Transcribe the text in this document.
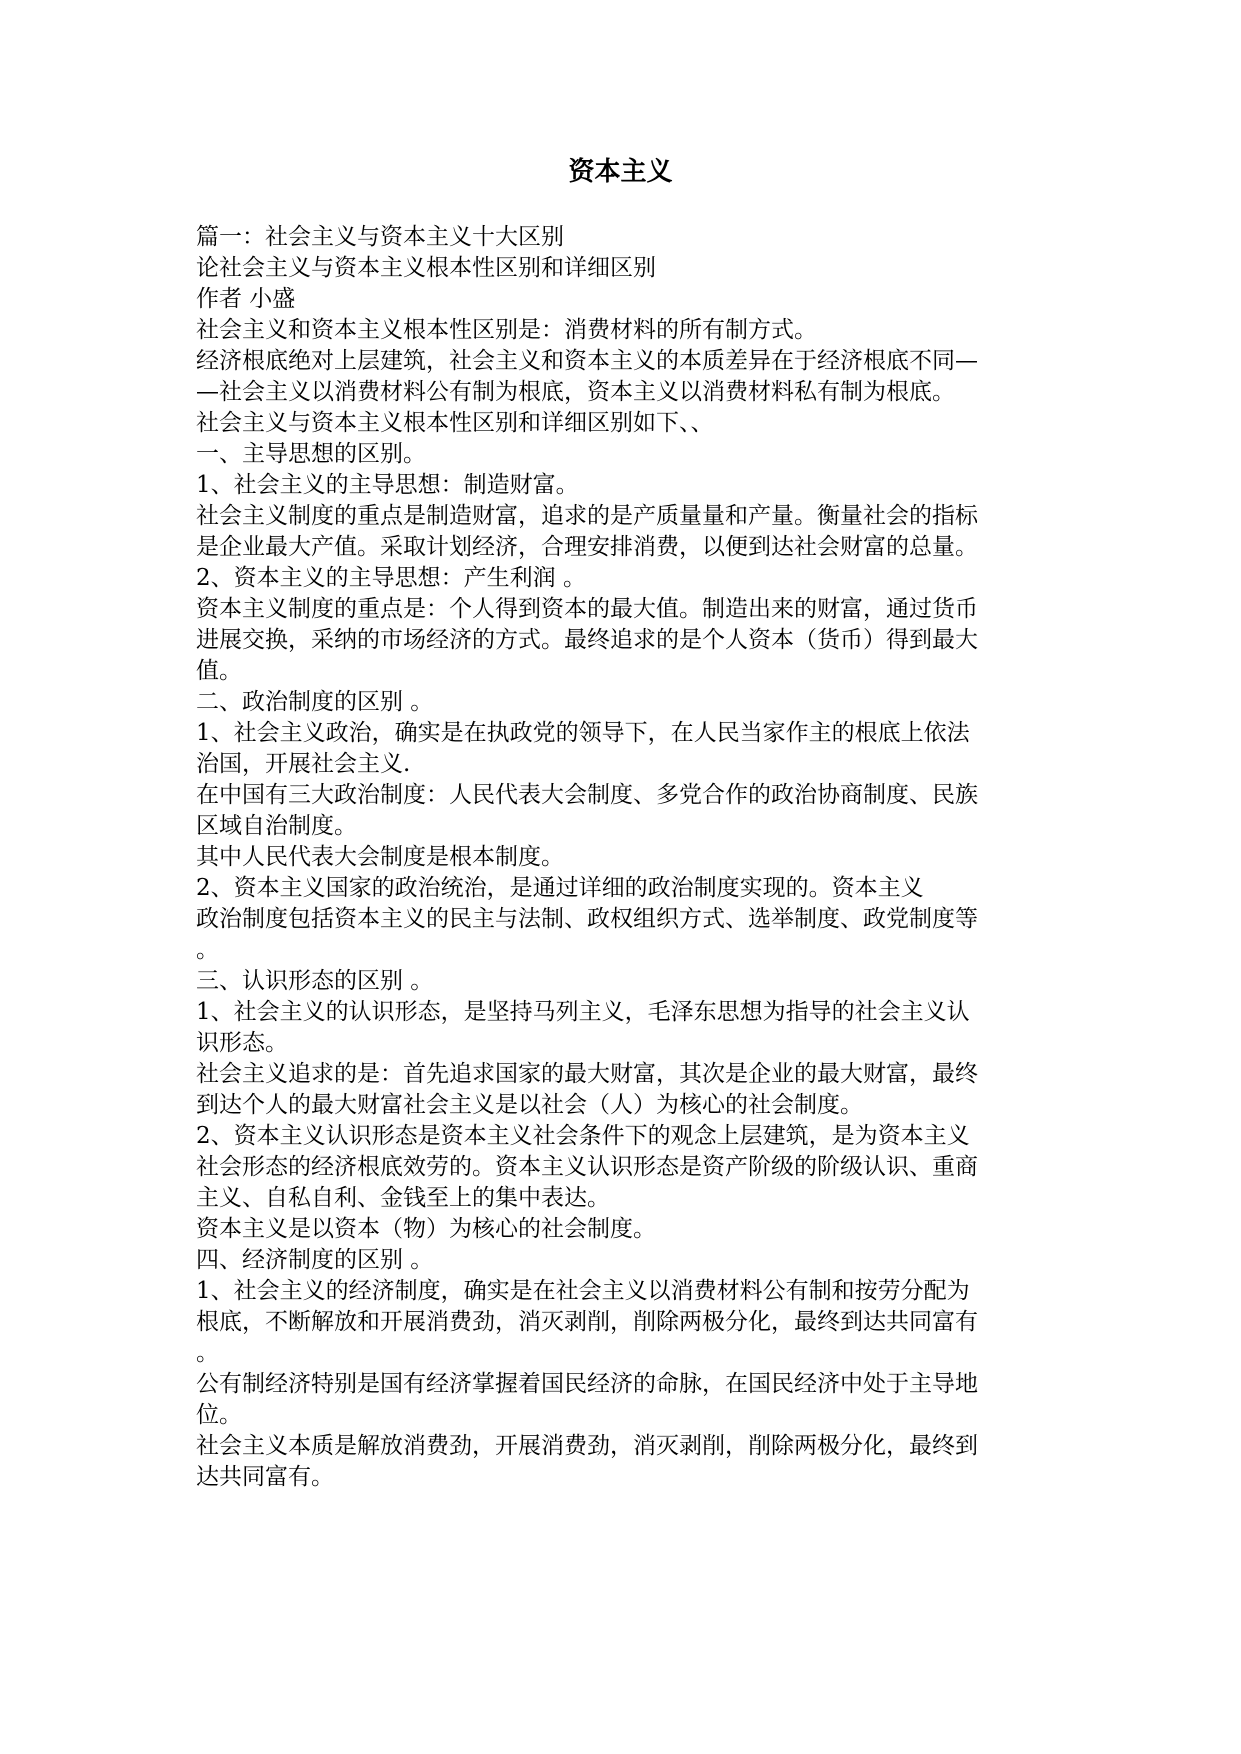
资本主义

篇一：社会主义与资本主义十大区别

论社会主义与资本主义根本性区别和详细区别

作者 小盛

社会主义和资本主义根本性区别是：消费材料的所有制方式。

经济根底绝对上层建筑，社会主义和资本主义的本质差异在于经济根底不同—

—社会主义以消费材料公有制为根底，资本主义以消费材料私有制为根底。

社会主义与资本主义根本性区别和详细区别如下、、

一、主导思想的区别。

1、社会主义的主导思想：制造财富。

社会主义制度的重点是制造财富，追求的是产质量量和产量。衡量社会的指标

是企业最大产值。采取计划经济，合理安排消费，以便到达社会财富的总量。

2、资本主义的主导思想：产生利润 。

资本主义制度的重点是：个人得到资本的最大值。制造出来的财富，通过货币

进展交换，采纳的市场经济的方式。最终追求的是个人资本（货币）得到最大

值。

二、政治制度的区别 。

1、社会主义政治，确实是在执政党的领导下，在人民当家作主的根底上依法

治国，开展社会主义.

在中国有三大政治制度：人民代表大会制度、多党合作的政治协商制度、民族

区域自治制度。

其中人民代表大会制度是根本制度。

2、资本主义国家的政治统治，是通过详细的政治制度实现的。资本主义

政治制度包括资本主义的民主与法制、政权组织方式、选举制度、政党制度等

。

三、认识形态的区别 。

1、社会主义的认识形态，是坚持马列主义，毛泽东思想为指导的社会主义认

识形态。

社会主义追求的是：首先追求国家的最大财富，其次是企业的最大财富，最终

到达个人的最大财富社会主义是以社会（人）为核心的社会制度。

2、资本主义认识形态是资本主义社会条件下的观念上层建筑，是为资本主义

社会形态的经济根底效劳的。资本主义认识形态是资产阶级的阶级认识、重商

主义、自私自利、金钱至上的集中表达。

资本主义是以资本（物）为核心的社会制度。

四、经济制度的区别 。

1、社会主义的经济制度，确实是在社会主义以消费材料公有制和按劳分配为

根底，不断解放和开展消费劲，消灭剥削，削除两极分化，最终到达共同富有

。

公有制经济特别是国有经济掌握着国民经济的命脉，在国民经济中处于主导地

位。

社会主义本质是解放消费劲，开展消费劲，消灭剥削，削除两极分化，最终到

达共同富有。
